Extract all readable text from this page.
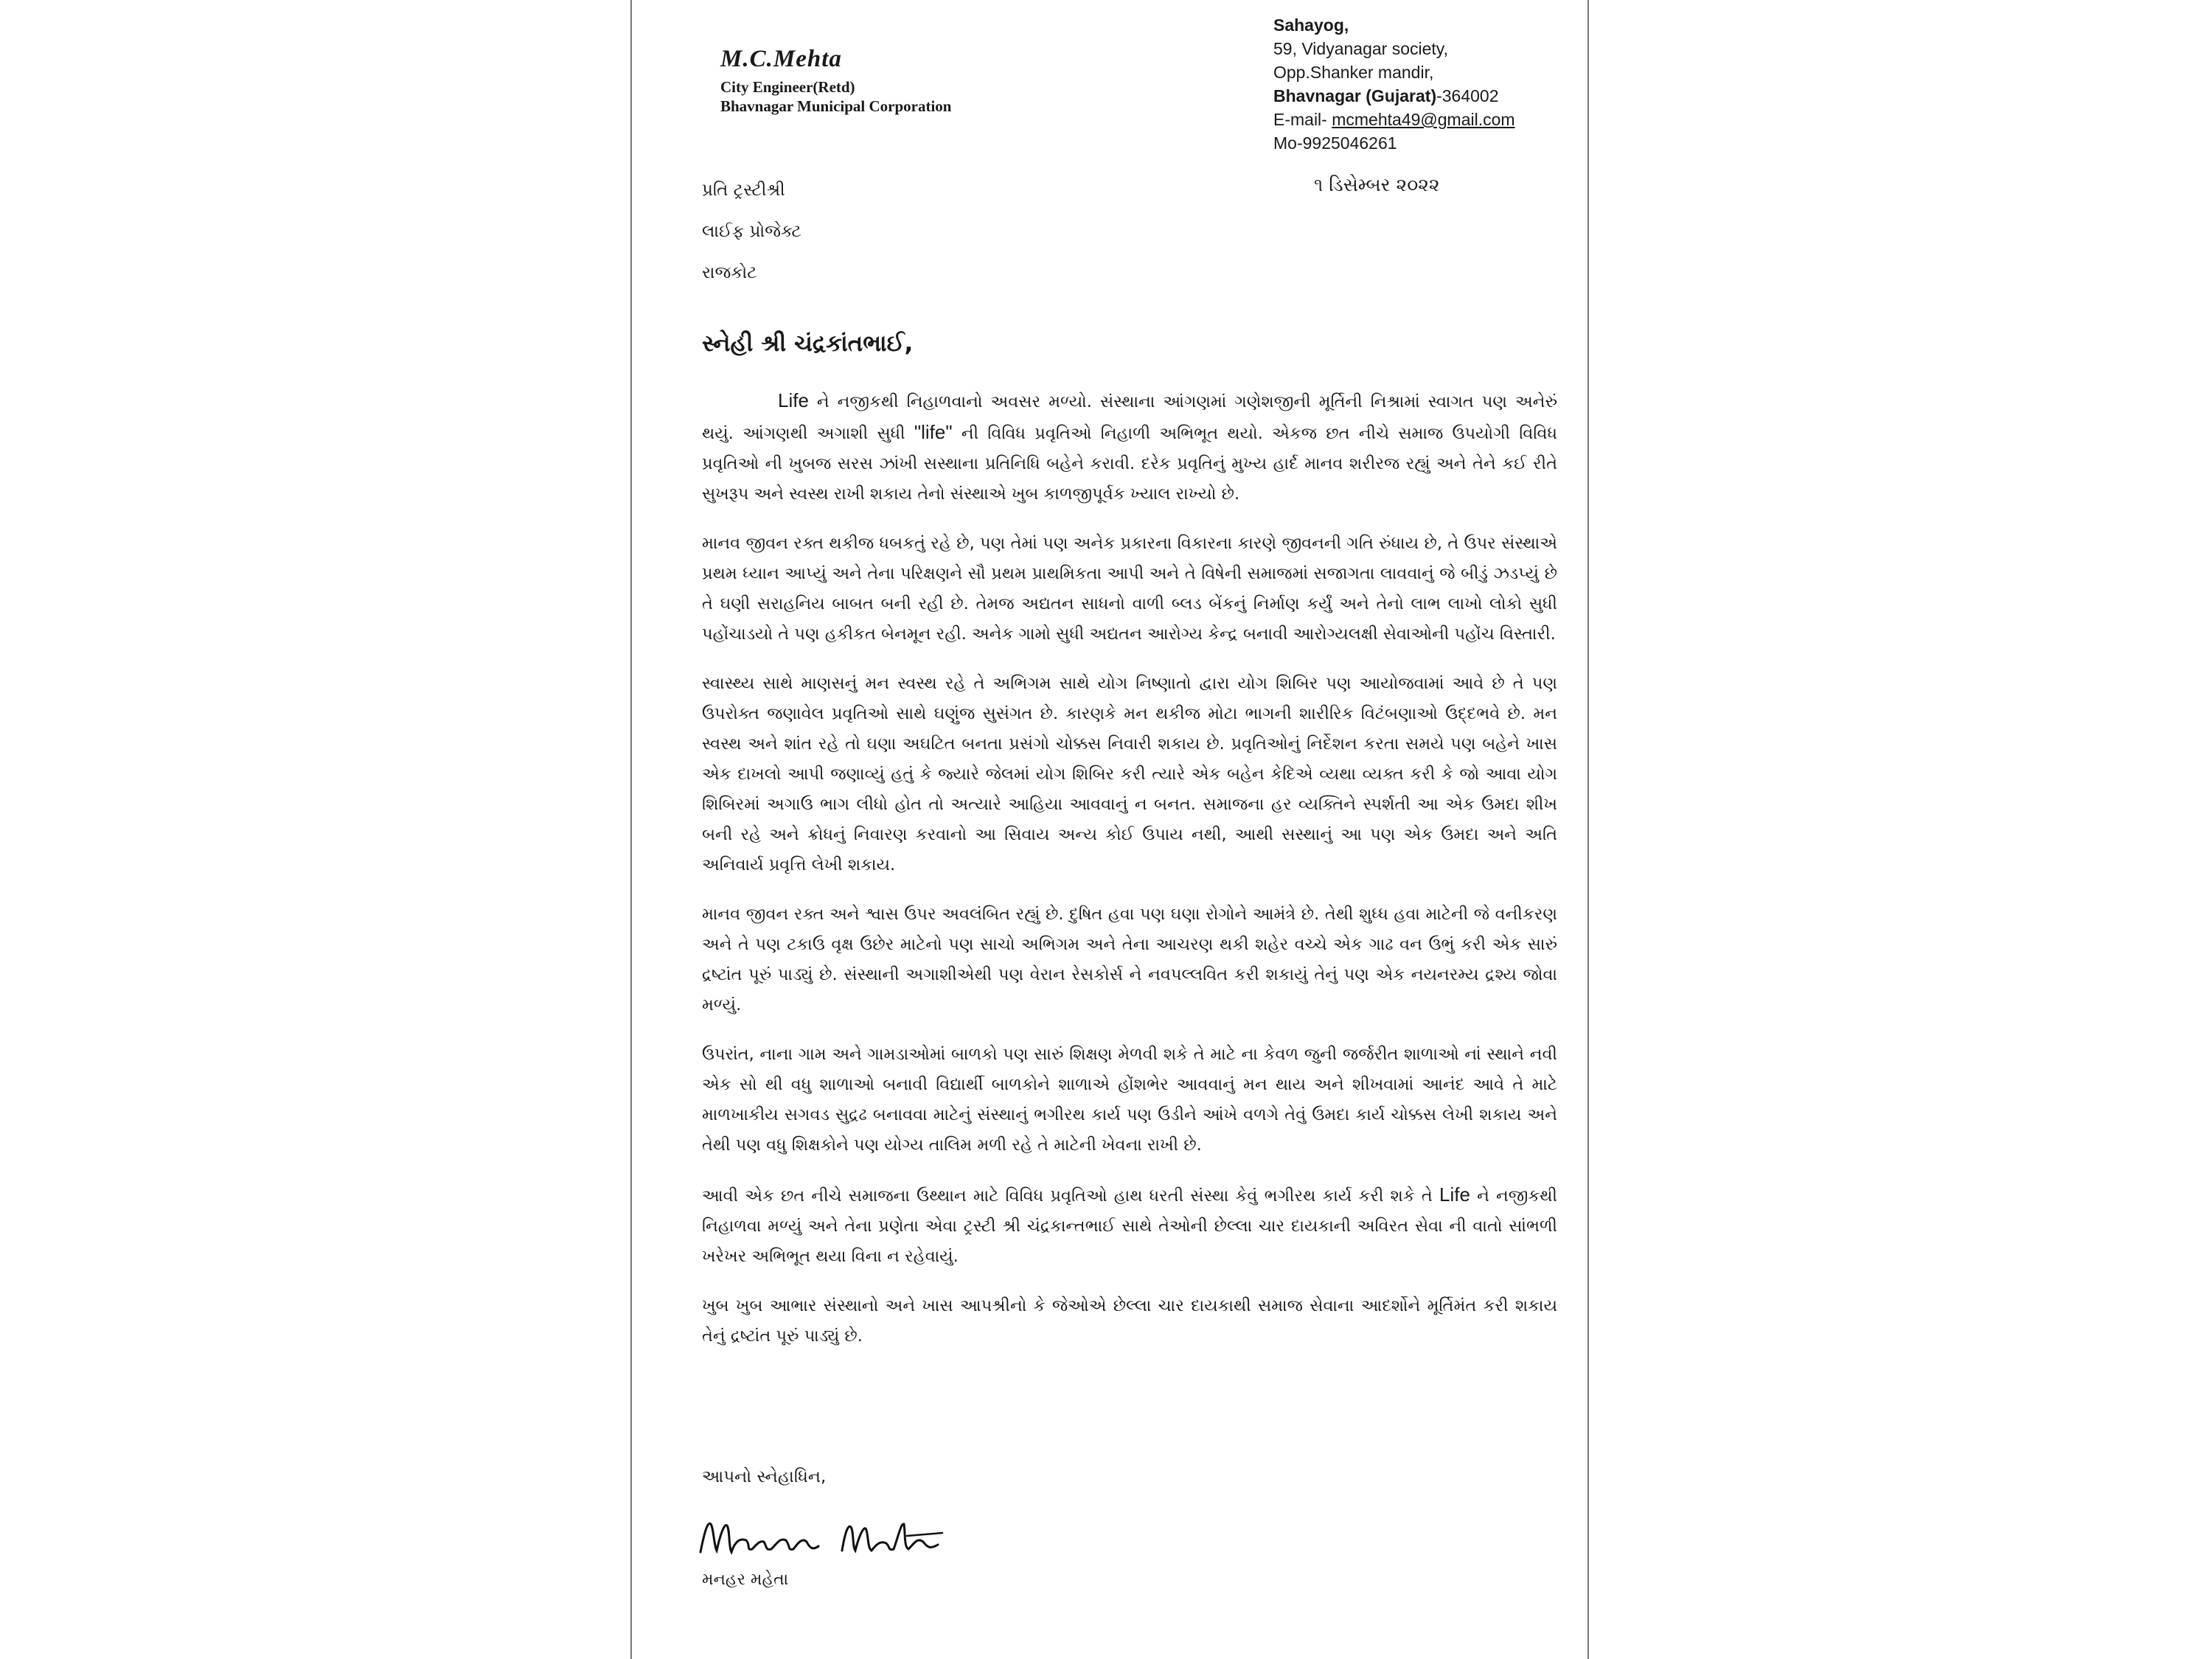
M.C.Mehta
City Engineer(Retd)
Bhavnagar Municipal Corporation
Sahayog,
59, Vidyanagar society,
Opp.Shanker mandir,
Bhavnagar (Gujarat)-364002
E-mail- mcmehta49@gmail.com
Mo-9925046261
૧ ડિસેમ્બર ૨૦૨૨
પ્રતિ ટ્રસ્ટીશ્રી
લાઈફ પ્રોજેક્ટ
રાજકોટ
સ્નેહી શ્રી ચંદ્રકાંતભાઈ,

Life ને નજીકથી નિહાળવાનો અવસર મળ્યો. સંસ્થાના આંગણમાં ગણેશજીની મૂર્તિની નિશ્રામાં સ્વાગત પણ અનેરું થયું. આંગણથી અગાશી સુધી "life" ની વિવિધ પ્રવૃતિઓ નિહાળી અભિભૂત થયો. એકજ છત નીચે સમાજ ઉપયોગી વિવિધ પ્રવૃતિઓ ની ખુબજ સરસ ઝાંખી સસ્થાના પ્રતિનિધિ બહેને કરાવી. દરેક પ્રવૃતિનું મુખ્ય હાર્દ માનવ શરીરજ રહ્યું અને તેને કઈ રીતે સુખરૂપ અને સ્વસ્થ રાખી શકાય તેનો સંસ્થાએ ખુબ કાળજીપૂર્વક ખ્યાલ રાખ્યો છે.

માનવ જીવન રક્ત થકીજ ધબકતું રહે છે, પણ તેમાં પણ અનેક પ્રકારના વિકારના કારણે જીવનની ગતિ રુંધાય છે, તે ઉપર સંસ્થાએ પ્રથમ ધ્યાન આપ્યું અને તેના પરિક્ષણને સૌ પ્રથમ પ્રાથમિકતા આપી અને તે વિષેની સમાજમાં સજાગતા લાવવાનું જે બીડું ઝડપ્યું છે તે ઘણી સરાહનિય બાબત બની રહી છે. તેમજ અદ્યતન સાધનો વાળી બ્લડ બેંકનું નિર્માણ કર્યું અને તેનો લાભ લાખો લોકો સુધી પહોંચાડયો તે પણ હકીકત બેનમૂન રહી. અનેક ગામો સુધી અદ્યતન આરોગ્ય કેન્દ્ર બનાવી આરોગ્યલક્ષી સેવાઓની પહોંચ વિસ્તારી.

સ્વાસ્થ્ય સાથે માણસનું મન સ્વસ્થ રહે તે અભિગમ સાથે યોગ નિષ્ણાતો દ્વારા યોગ શિબિર પણ આયોજવામાં આવે છે તે પણ ઉપરોક્ત જણાવેલ પ્રવૃતિઓ સાથે ઘણુંજ સુસંગત છે. કારણકે મન થકીજ મોટા ભાગની શારીરિક વિટંબણાઓ ઉદ્દભવે છે. મન સ્વસ્થ અને શાંત રહે તો ઘણા અઘટિત બનતા પ્રસંગો ચોક્કસ નિવારી શકાય છે. પ્રવૃતિઓનું નિર્દેશન કરતા સમયે પણ બહેને ખાસ એક દાખલો આપી જણાવ્યું હતું કે જ્યારે જેલમાં યોગ શિબિર કરી ત્યારે એક બહેન કેદિએ વ્યથા વ્યક્ત કરી કે જો આવા યોગ શિબિરમાં અગાઉ ભાગ લીધો હોત તો અત્યારે આહિયા આવવાનું ન બનત. સમાજના હર વ્યક્તિને સ્પર્શતી આ એક ઉમદા શીખ બની રહે અને ક્રોધનું નિવારણ કરવાનો આ સિવાય અન્ય કોઈ ઉપાય નથી, આથી સસ્થાનું આ પણ એક ઉમદા અને અતિ અનિવાર્ય પ્રવૃત્તિ લેખી શકાય.

માનવ જીવન રક્ત અને શ્વાસ ઉપર અવલંબિત રહ્યું છે. દુષિત હવા પણ ઘણા રોગોને આમંત્રે છે. તેથી શુધ્ધ હવા માટેની જે વનીકરણ અને તે પણ ટકાઉ વૃક્ષ ઉછેર માટેનો પણ સાચો અભિગમ અને તેના આચરણ થકી શહેર વચ્ચે એક ગાઢ વન ઉભું કરી એક સારું દ્રષ્ટાંત પૂરું પાડ્યું છે. સંસ્થાની અગાશીએથી પણ વેરાન રેસકોર્સ ને નવપલ્લવિત કરી શકાયું તેનું પણ એક નયનરમ્ય દ્રશ્ય જોવા મળ્યું.

ઉપરાંત, નાના ગામ અને ગામડાઓમાં બાળકો પણ સારું શિક્ષણ મેળવી શકે તે માટે ના કેવળ જુની જર્જરીત શાળાઓ નાં સ્થાને નવી એક સો થી વધુ શાળાઓ બનાવી વિદ્યાર્થી બાળકોને શાળાએ હોંશભેર આવવાનું મન થાય અને શીખવામાં આનંદ આવે તે માટે માળખાકીય સગવડ સુદ્રઢ બનાવવા માટેનું સંસ્થાનું ભગીરથ કાર્ય પણ ઉડીને આંખે વળગે તેવું ઉમદા કાર્ય ચોક્કસ લેખી શકાય અને તેથી પણ વધુ શિક્ષકોને પણ યોગ્ય તાલિમ મળી રહે તે માટેની ખેવના રાખી છે.

આવી એક છત નીચે સમાજના ઉથ્થાન માટે વિવિધ પ્રવૃતિઓ હાથ ધરતી સંસ્થા કેવું ભગીરથ કાર્ય કરી શકે તે Life ને નજીકથી નિહાળવા મળ્યું અને તેના પ્રણેતા એવા ટ્રસ્ટી શ્રી ચંદ્રકાન્તભાઈ સાથે તેઓની છેલ્લા ચાર દાયકાની અવિરત સેવા ની વાતો સાંભળી ખરેખર અભિભૂત થયા વિના ન રહેવાયું.

ખુબ ખુબ આભાર સંસ્થાનો અને ખાસ આપશ્રીનો કે જેઓએ છેલ્લા ચાર દાયકાથી સમાજ સેવાના આદર્શોને મૂર્તિમંત કરી શકાય તેનું દ્રષ્ટાંત પૂરું પાડ્યું છે.

આપનો સ્નેહાધિન,
મનહર મહેતા
